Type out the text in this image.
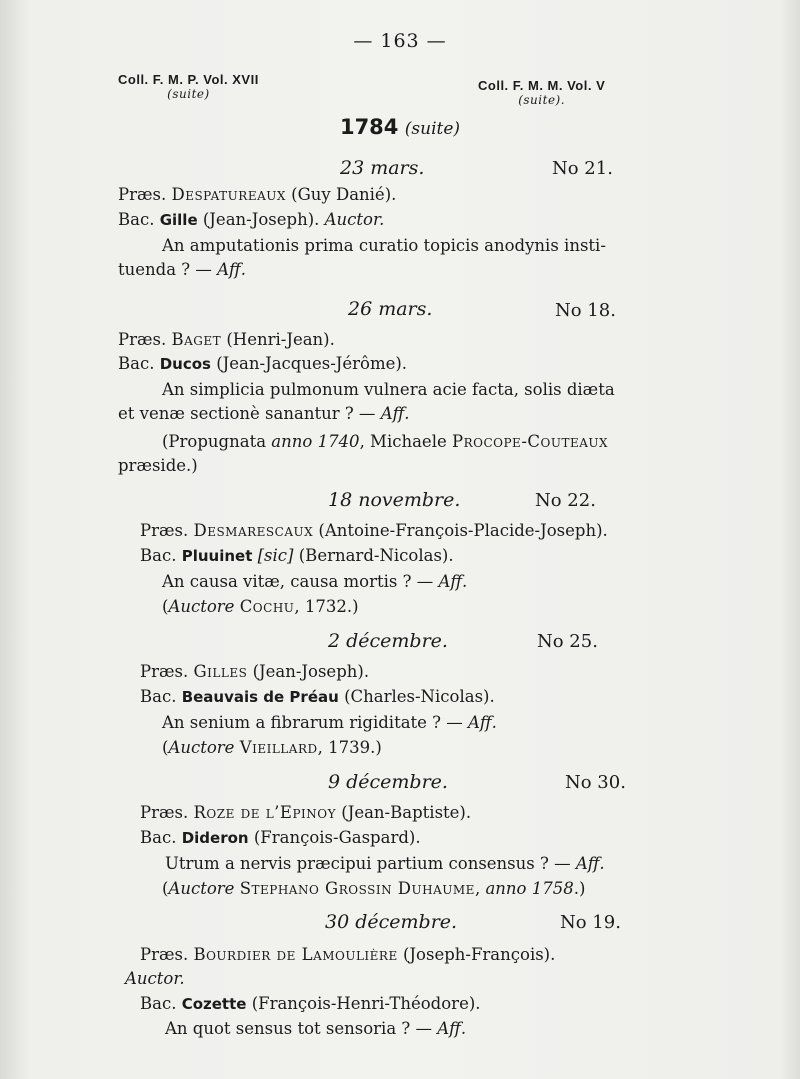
— 163 —
Coll. F. M. P. Vol. XVII
(suite)
Coll. F. M. M. Vol. V
(suite).
1784 (suite)
23 mars.	No 21.
Præs. Despatureaux (Guy Danié).
Bac. Gille (Jean-Joseph). Auctor.
An amputationis prima curatio topicis anodynis insti-
tuenda ? — Aff.
26 mars.	No 18.
Præs. Baget (Henri-Jean).
Bac. Ducos (Jean-Jacques-Jérôme).
An simplicia pulmonum vulnera acie facta, solis diæta
et venæ sectionè sanantur ? — Aff.
(Propugnata anno 1740, Michaele Procope-Couteaux
præside.)
18 novembre.	No 22.
Præs. Desmarescaux (Antoine-François-Placide-Joseph).
Bac. Pluuinet [sic] (Bernard-Nicolas).
An causa vitæ, causa mortis ? — Aff.
(Auctore Cochu, 1732.)
2 décembre.	No 25.
Præs. Gilles (Jean-Joseph).
Bac. Beauvais de Préau (Charles-Nicolas).
An senium a fibrarum rigiditate ? — Aff.
(Auctore Vieillard, 1739.)
9 décembre.	No 30.
Præs. Roze de l’Epinoy (Jean-Baptiste).
Bac. Dideron (François-Gaspard).
Utrum a nervis præcipui partium consensus ? — Aff.
(Auctore Stephano Grossin Duhaume, anno 1758.)
30 décembre.	No 19.
Præs. Bourdier de Lamoulière (Joseph-François).
Auctor.
Bac. Cozette (François-Henri-Théodore).
An quot sensus tot sensoria ? — Aff.
